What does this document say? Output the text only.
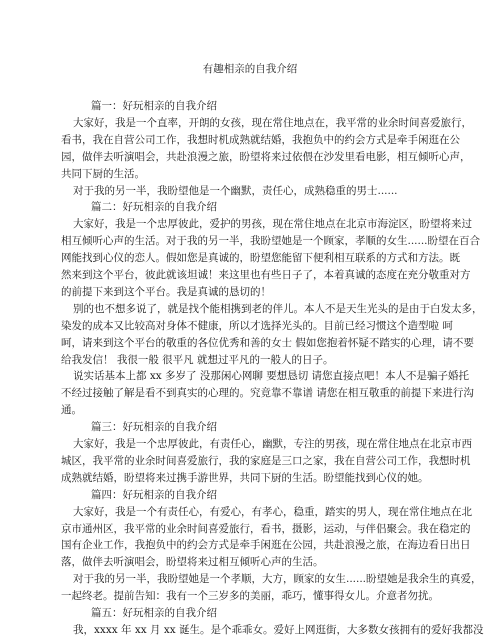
有趣相亲的自我介绍
篇一：好玩相亲的自我介绍
大家好，我是一个直率，开朗的女孩，现在常住地点在，我平常的业余时间喜爱旅行，
看书，我在自营公司工作，我想时机成熟就结婚，我抱负中的约会方式是牵手闲逛在公
园，做伴去听演唱会，共赴浪漫之旅，盼望将来过依偎在沙发里看电影，相互倾听心声，
共同下厨的生活。
对于我的另一半，我盼望他是一个幽默，责任心，成熟稳重的男士......
篇二：好玩相亲的自我介绍
大家好，我是一个忠厚彼此，爱护的男孩，现在常住地点在北京市海淀区，盼望将来过
相互倾听心声的生活。对于我的另一半，我盼望她是一个顾家，孝顺的女生......盼望在百合
网能找到心仪的恋人。假如您是真诚的，盼望您能留下便利相互联系的方式和方法。既
然来到这个平台，彼此就该坦诚！来这里也有些日子了，本着真诚的态度在充分敬重对方
的前提下来到这个平台。我是真诚的恳切的！
别的也不想多说了，就是找个能相携到老的伴儿。本人不是天生光头的是由于白发太多，
染发的成本又比较高对身体不健康，所以才选择光头的。目前已经习惯这个造型啦 呵
呵，请来到这个平台的敬重的各位优秀和善的女士 假如您抱着怀疑不踏实的心理，请不要
给我发信！ 我很一般 很平凡 就想过平凡的一般人的日子。
说实话基本上都 xx 多岁了 没那闲心网聊 要想恳切 请您直接点吧！本人不是骗子婚托
不经过接触了解是看不到真实的心理的。究竟靠不靠谱 请您在相互敬重的前提下来进行沟
通。
篇三：好玩相亲的自我介绍
大家好，我是一个忠厚彼此，有责任心，幽默，专注的男孩，现在常住地点在北京市西
城区，我平常的业余时间喜爱旅行，我的家庭是三口之家，我在自营公司工作，我想时机
成熟就结婚，盼望将来过携手游世界，共同下厨的生活。盼望能找到心仪的她。
篇四：好玩相亲的自我介绍
大家好，我是一个有责任心，有爱心，有孝心，稳重，踏实的男人，现在常住地点在北
京市通州区，我平常的业余时间喜爱旅行，看书，摄影，运动，与伴侣聚会。我在稳定的
国有企业工作，我抱负中的约会方式是牵手闲逛在公园，共赴浪漫之旅，在海边看日出日
落，做伴去听演唱会，盼望将来过相互倾听心声的生活。
对于我的另一半，我盼望她是一个孝顺，大方，顾家的女生......盼望她是我余生的真爱，
一起终老。提前告知：我有一个三岁多的美丽，乖巧，懂事得女儿。介意者勿扰。
篇五：好玩相亲的自我介绍
我，xxxx 年 xx 月 xx 诞生。是个乖乖女。爱好上网逛街，大多数女孩拥有的爱好我都没
